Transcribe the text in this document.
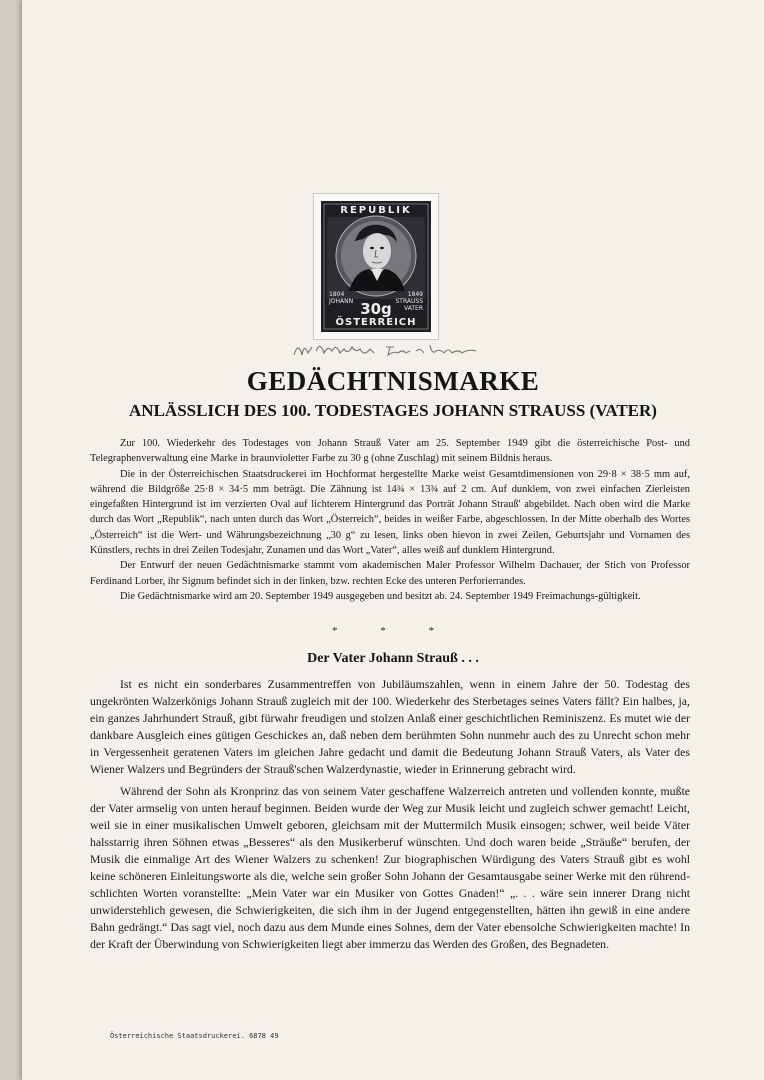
REPUBLIK
1804
JOHANN
1849
STRAUSS
VATER
30g
ÖSTERREICH
GEDÄCHTNISMARKE
ANLÄSSLICH DES 100. TODESTAGES JOHANN STRAUSS (VATER)

Zur 100. Wiederkehr des Todestages von Johann Strauß Vater am 25. September 1949 gibt die österreichische Post- und Telegraphenverwaltung eine Marke in braunvioletter Farbe zu 30 g (ohne Zuschlag) mit seinem Bildnis heraus.

Die in der Österreichischen Staatsdruckerei im Hochformat hergestellte Marke weist Gesamtdimensionen von 29·8 × 38·5 mm auf, während die Bildgröße 25·8 × 34·5 mm beträgt. Die Zähnung ist 14¾ × 13¾ auf 2 cm. Auf dunklem, von zwei einfachen Zierleisten eingefaßten Hintergrund ist im verzierten Oval auf lichterem Hintergrund das Porträt Johann Strauß' abgebildet. Nach oben wird die Marke durch das Wort „Republik“, nach unten durch das Wort „Österreich“, beides in weißer Farbe, abgeschlossen. In der Mitte oberhalb des Wortes „Österreich“ ist die Wert- und Währungsbezeichnung „30 g“ zu lesen, links oben hievon in zwei Zeilen, Geburtsjahr und Vornamen des Künstlers, rechts in drei Zeilen Todesjahr, Zunamen und das Wort „Vater“, alles weiß auf dunklem Hintergrund.

Der Entwurf der neuen Gedächtnismarke stammt vom akademischen Maler Professor Wilhelm Dachauer, der Stich von Professor Ferdinand Lorber, ihr Signum befindet sich in der linken, bzw. rechten Ecke des unteren Perforierrandes.

Die Gedächtnismarke wird am 20. September 1949 ausgegeben und besitzt ab. 24. September 1949 Freimachungs-gültigkeit.

* * *
Der Vater Johann Strauß . . .

Ist es nicht ein sonderbares Zusammentreffen von Jubiläumszahlen, wenn in einem Jahre der 50. Todestag des ungekrönten Walzerkönigs Johann Strauß zugleich mit der 100. Wiederkehr des Sterbetages seines Vaters fällt? Ein halbes, ja, ein ganzes Jahrhundert Strauß, gibt fürwahr freudigen und stolzen Anlaß einer geschichtlichen Reminiszenz. Es mutet wie der dankbare Ausgleich eines gütigen Geschickes an, daß neben dem berühmten Sohn nunmehr auch des zu Unrecht schon mehr in Vergessenheit geratenen Vaters im gleichen Jahre gedacht und damit die Bedeutung Johann Strauß Vaters, als Vater des Wiener Walzers und Begründers der Strauß'schen Walzerdynastie, wieder in Erinnerung gebracht wird.

Während der Sohn als Kronprinz das von seinem Vater geschaffene Walzerreich antreten und vollenden konnte, mußte der Vater armselig von unten herauf beginnen. Beiden wurde der Weg zur Musik leicht und zugleich schwer gemacht! Leicht, weil sie in einer musikalischen Umwelt geboren, gleichsam mit der Muttermilch Musik einsogen; schwer, weil beide Väter halsstarrig ihren Söhnen etwas „Besseres“ als den Musikerberuf wünschten. Und doch waren beide „Sträuße“ berufen, der Musik die einmalige Art des Wiener Walzers zu schenken! Zur biographischen Würdigung des Vaters Strauß gibt es wohl keine schöneren Einleitungsworte als die, welche sein großer Sohn Johann der Gesamtausgabe seiner Werke mit den rührend-schlichten Worten voranstellte: „Mein Vater war ein Musiker von Gottes Gnaden!“ „. . . wäre sein innerer Drang nicht unwiderstehlich gewesen, die Schwierigkeiten, die sich ihm in der Jugend entgegenstellten, hätten ihn gewiß in eine andere Bahn gedrängt.“ Das sagt viel, noch dazu aus dem Munde eines Sohnes, dem der Vater ebensolche Schwierigkeiten machte! In der Kraft der Überwindung von Schwierigkeiten liegt aber immerzu das Werden des Großen, des Begnadeten.

Österreichische Staatsdruckerei. 6878 49
